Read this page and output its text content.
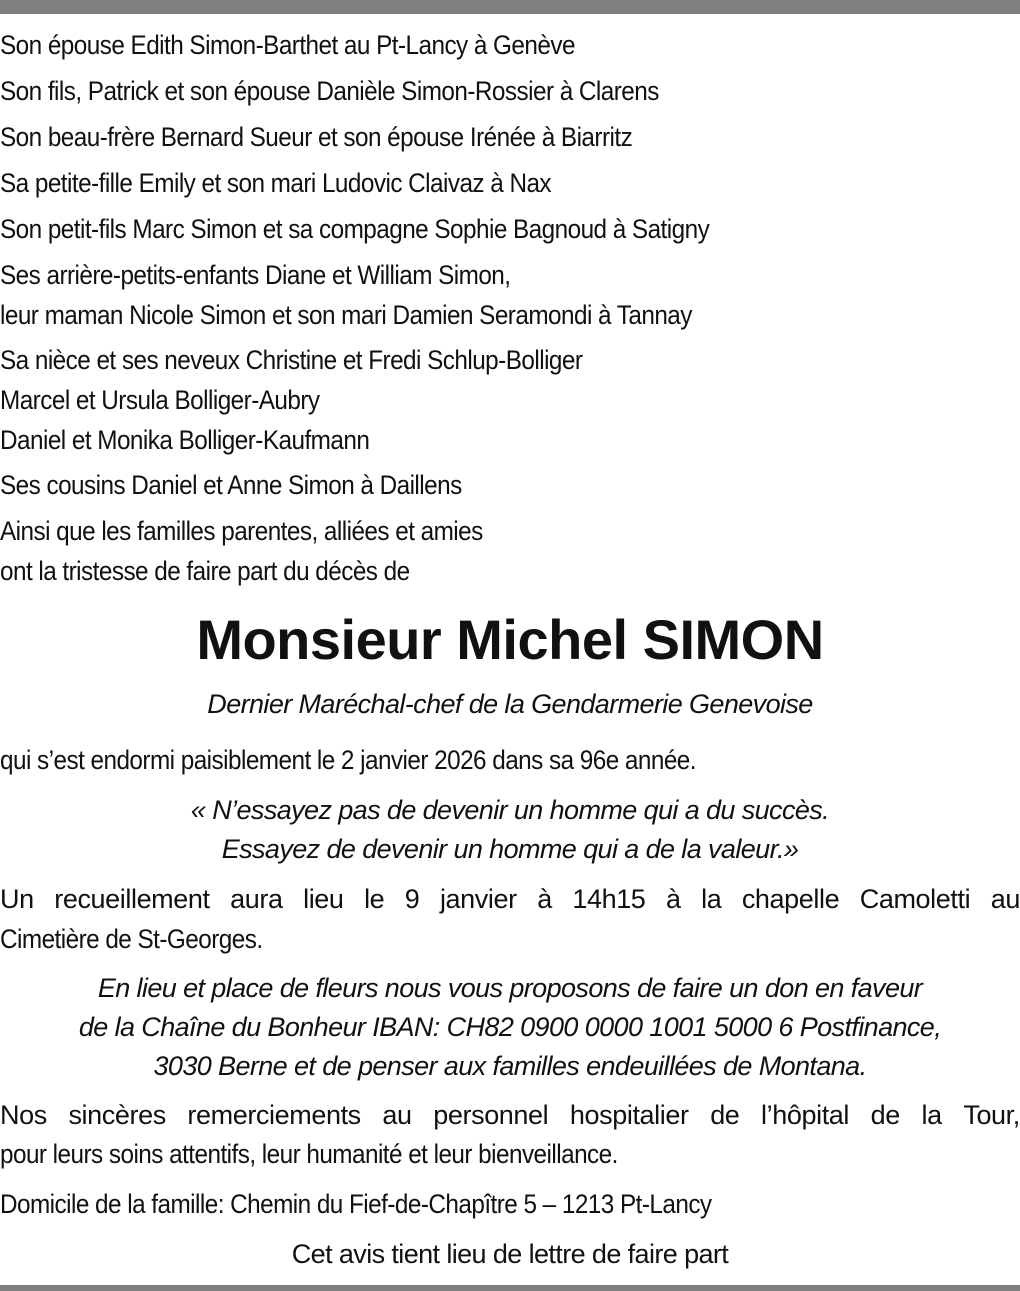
Son épouse Edith Simon-Barthet au Pt-Lancy à Genève

Son fils, Patrick et son épouse Danièle Simon-Rossier à Clarens

Son beau-frère Bernard Sueur et son épouse Irénée à Biarritz

Sa petite-fille Emily et son mari Ludovic Claivaz à Nax

Son petit-fils Marc Simon et sa compagne Sophie Bagnoud à Satigny

Ses arrière-petits-enfants Diane et William Simon,

leur maman Nicole Simon et son mari Damien Seramondi à Tannay

Sa nièce et ses neveux Christine et Fredi Schlup-Bolliger

Marcel et Ursula Bolliger-Aubry

Daniel et Monika Bolliger-Kaufmann

Ses cousins Daniel et Anne Simon à Daillens

Ainsi que les familles parentes, alliées et amies

ont la tristesse de faire part du décès de

Monsieur Michel SIMON

Dernier Maréchal-chef de la Gendarmerie Genevoise

qui s’est endormi paisiblement le 2 janvier 2026 dans sa 96e année.

« N’essayez pas de devenir un homme qui a du succès.

Essayez de devenir un homme qui a de la valeur.»

Un recueillement aura lieu le 9 janvier à 14h15 à la chapelle Camoletti au

Cimetière de St-Georges.

En lieu et place de fleurs nous vous proposons de faire un don en faveur

de la Chaîne du Bonheur IBAN: CH82 0900 0000 1001 5000 6 Postfinance,

3030 Berne et de penser aux familles endeuillées de Montana.

Nos sincères remerciements au personnel hospitalier de l’hôpital de la Tour,

pour leurs soins attentifs, leur humanité et leur bienveillance.

Domicile de la famille: Chemin du Fief-de-Chapître 5 – 1213 Pt-Lancy

Cet avis tient lieu de lettre de faire part
